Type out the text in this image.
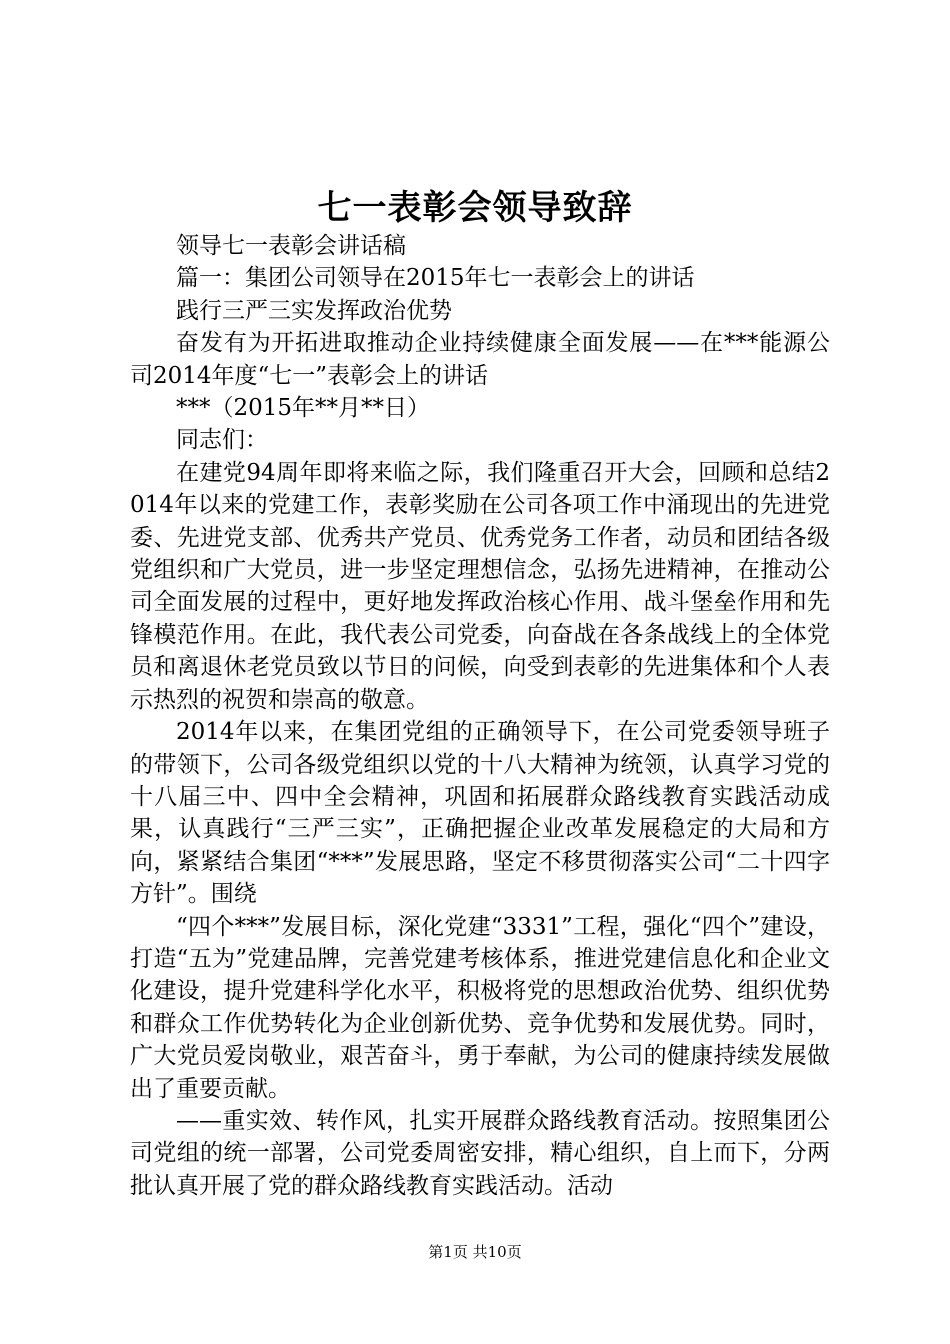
七一表彰会领导致辞

领导七一表彰会讲话稿

篇一：集团公司领导在2015年七一表彰会上的讲话

践行三严三实发挥政治优势

奋发有为开拓进取推动企业持续健康全面发展——在***能源公司2014年度“七一”表彰会上的讲话

***（2015年**月**日）

同志们：

在建党94周年即将来临之际，我们隆重召开大会，回顾和总结2014年以来的党建工作，表彰奖励在公司各项工作中涌现出的先进党委、先进党支部、优秀共产党员、优秀党务工作者，动员和团结各级党组织和广大党员，进一步坚定理想信念，弘扬先进精神，在推动公司全面发展的过程中，更好地发挥政治核心作用、战斗堡垒作用和先锋模范作用。在此，我代表公司党委，向奋战在各条战线上的全体党员和离退休老党员致以节日的问候，向受到表彰的先进集体和个人表示热烈的祝贺和崇高的敬意。

2014年以来，在集团党组的正确领导下，在公司党委领导班子的带领下，公司各级党组织以党的十八大精神为统领，认真学习党的十八届三中、四中全会精神，巩固和拓展群众路线教育实践活动成果，认真践行“三严三实”，正确把握企业改革发展稳定的大局和方向，紧紧结合集团“***”发展思路，坚定不移贯彻落实公司“二十四字方针”。围绕

“四个***”发展目标，深化党建“3331”工程，强化“四个”建设，打造“五为”党建品牌，完善党建考核体系，推进党建信息化和企业文化建设，提升党建科学化水平，积极将党的思想政治优势、组织优势和群众工作优势转化为企业创新优势、竞争优势和发展优势。同时，广大党员爱岗敬业，艰苦奋斗，勇于奉献，为公司的健康持续发展做出了重要贡献。

——重实效、转作风，扎实开展群众路线教育活动。按照集团公司党组的统一部署，公司党委周密安排，精心组织，自上而下，分两批认真开展了党的群众路线教育实践活动。活动

第1页 共10页
